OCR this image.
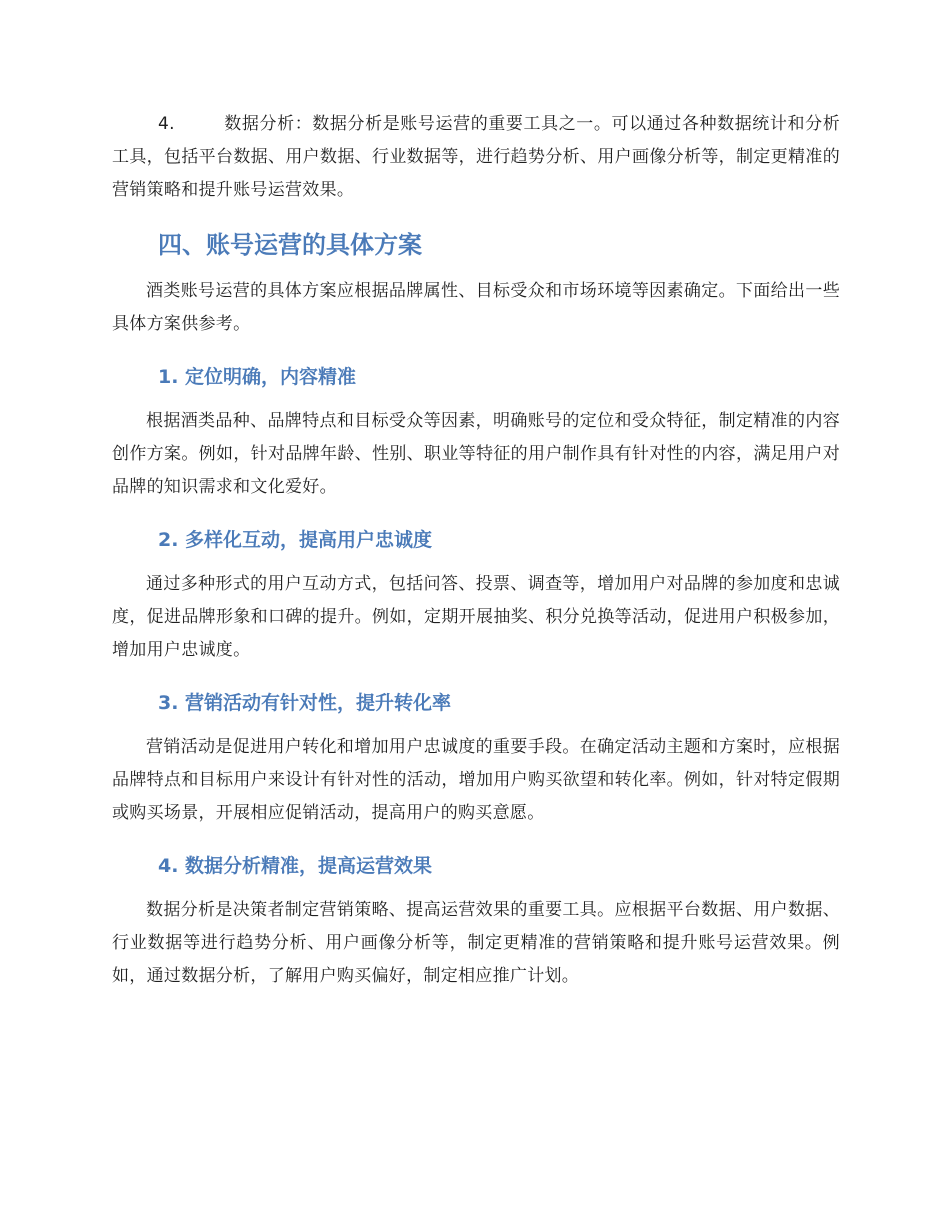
4.	数据分析：数据分析是账号运营的重要工具之一。可以通过各种数据统计和分析工具，包括平台数据、用户数据、行业数据等，进行趋势分析、用户画像分析等，制定更精准的营销策略和提升账号运营效果。

四、账号运营的具体方案

酒类账号运营的具体方案应根据品牌属性、目标受众和市场环境等因素确定。下面给出一些具体方案供参考。

1. 定位明确，内容精准

根据酒类品种、品牌特点和目标受众等因素，明确账号的定位和受众特征，制定精准的内容创作方案。例如，针对品牌年龄、性别、职业等特征的用户制作具有针对性的内容，满足用户对品牌的知识需求和文化爱好。

2. 多样化互动，提高用户忠诚度

通过多种形式的用户互动方式，包括问答、投票、调查等，增加用户对品牌的参加度和忠诚度，促进品牌形象和口碑的提升。例如，定期开展抽奖、积分兑换等活动，促进用户积极参加，增加用户忠诚度。

3. 营销活动有针对性，提升转化率

营销活动是促进用户转化和增加用户忠诚度的重要手段。在确定活动主题和方案时，应根据品牌特点和目标用户来设计有针对性的活动，增加用户购买欲望和转化率。例如，针对特定假期或购买场景，开展相应促销活动，提高用户的购买意愿。

4. 数据分析精准，提高运营效果

数据分析是决策者制定营销策略、提高运营效果的重要工具。应根据平台数据、用户数据、行业数据等进行趋势分析、用户画像分析等，制定更精准的营销策略和提升账号运营效果。例如，通过数据分析，了解用户购买偏好，制定相应推广计划。
